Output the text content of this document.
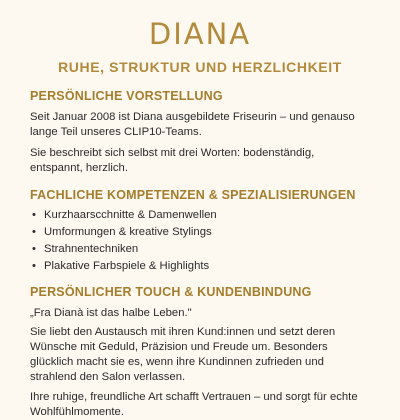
DIANA
RUHE, STRUKTUR UND HERZLICHKEIT
PERSÖNLICHE VORSTELLUNG

Seit Januar 2008 ist Diana ausgebildete Friseurin – und genauso lange Teil unseres CLIP10-Teams.

Sie beschreibt sich selbst mit drei Worten: bodenständig, entspannt, herzlich.

FACHLICHE KOMPETENZEN & SPEZIALISIERUNGEN
• Kurzhaarscchnitte & Damenwellen
• Umformungen & kreative Stylings
• Strahnentechniken
• Plakative Farbspiele & Highlights
PERSÖNLICHER TOUCH & KUNDENBINDUNG

„Fra Dianà ist das halbe Leben."

Sie liebt den Austausch mit ihren Kund:innen und setzt deren Wünsche mit Geduld, Präzision und Freude um. Besonders glücklich macht sie es, wenn ihre Kundinnen zufrieden und strahlend den Salon verlassen.

Ihre ruhige, freundliche Art schafft Vertrauen – und sorgt für echte Wohlfühlmomente.
